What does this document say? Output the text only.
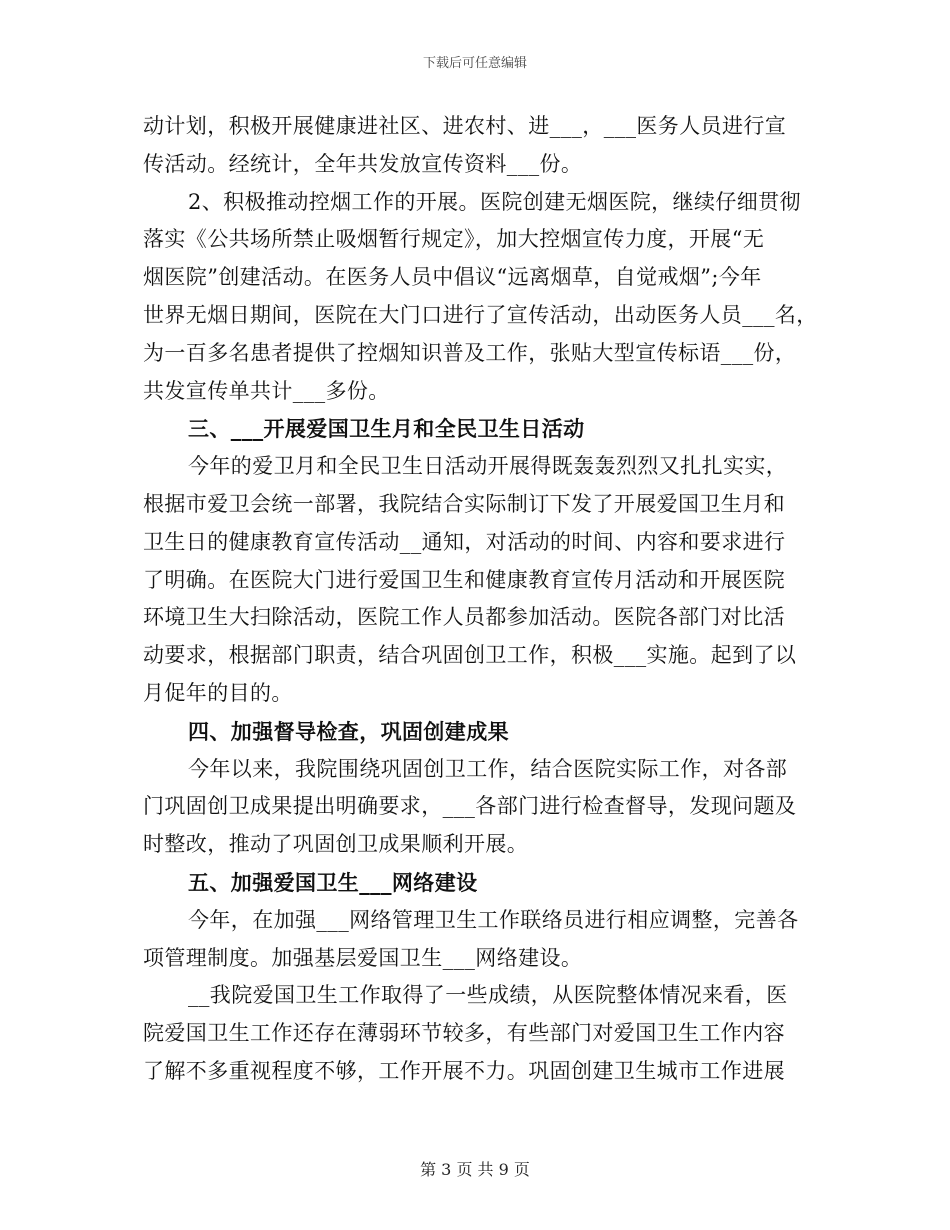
下载后可任意编辑
动计划，积极开展健康进社区、进农村、进___，___医务人员进行宣
传活动。经统计，全年共发放宣传资料___份。
2、积极推动控烟工作的开展。医院创建无烟医院，继续仔细贯彻
落实《公共场所禁止吸烟暂行规定》，加大控烟宣传力度，开展“无
烟医院”创建活动。在医务人员中倡议“远离烟草，自觉戒烟”;今年
世界无烟日期间，医院在大门口进行了宣传活动，出动医务人员___名，
为一百多名患者提供了控烟知识普及工作，张贴大型宣传标语___份，
共发宣传单共计___多份。
三、___开展爱国卫生月和全民卫生日活动
今年的爱卫月和全民卫生日活动开展得既轰轰烈烈又扎扎实实，
根据市爱卫会统一部署，我院结合实际制订下发了开展爱国卫生月和
卫生日的健康教育宣传活动__通知，对活动的时间、内容和要求进行
了明确。在医院大门进行爱国卫生和健康教育宣传月活动和开展医院
环境卫生大扫除活动，医院工作人员都参加活动。医院各部门对比活
动要求，根据部门职责，结合巩固创卫工作，积极___实施。起到了以
月促年的目的。
四、加强督导检查，巩固创建成果
今年以来，我院围绕巩固创卫工作，结合医院实际工作，对各部
门巩固创卫成果提出明确要求，___各部门进行检查督导，发现问题及
时整改，推动了巩固创卫成果顺利开展。
五、加强爱国卫生___网络建设
今年，在加强___网络管理卫生工作联络员进行相应调整，完善各
项管理制度。加强基层爱国卫生___网络建设。
__我院爱国卫生工作取得了一些成绩，从医院整体情况来看，医
院爱国卫生工作还存在薄弱环节较多，有些部门对爱国卫生工作内容
了解不多重视程度不够，工作开展不力。巩固创建卫生城市工作进展
第 3 页 共 9 页
